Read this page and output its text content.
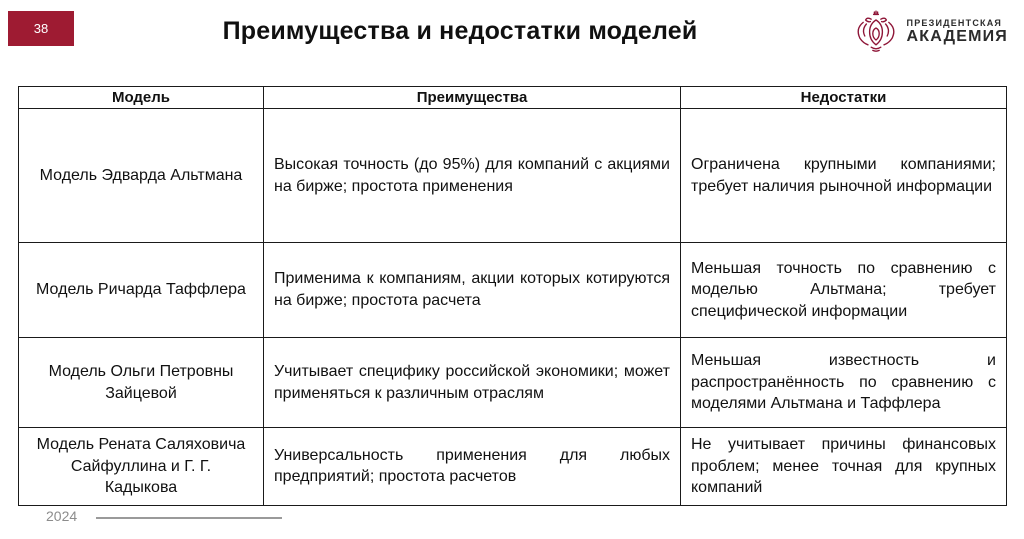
38	Преимущества и недостатки моделей	ПРЕЗИДЕНТСКАЯ
АКАДЕМИЯ
Модель	Преимущества	Недостатки
Модель Эдварда Альтмана	Высокая точность (до 95%) для компаний с акциями на бирже; простота применения	Ограничена крупными компаниями; требует наличия рыночной информации
Модель Ричарда Таффлера	Применима к компаниям, акции которых котируются на бирже; простота расчета	Меньшая точность по сравнению с моделью Альтмана; требует специфической информации
Модель Ольги Петровны Зайцевой	Учитывает специфику российской экономики; может применяться к различным отраслям	Меньшая известность и распространённость по сравнению с моделями Альтмана и Таффлера
Модель Рената Саляховича Сайфуллина и Г. Г. Кадыкова	Универсальность применения для любых предприятий; простота расчетов	Не учитывает причины финансовых проблем; менее точная для крупных компаний
2024
